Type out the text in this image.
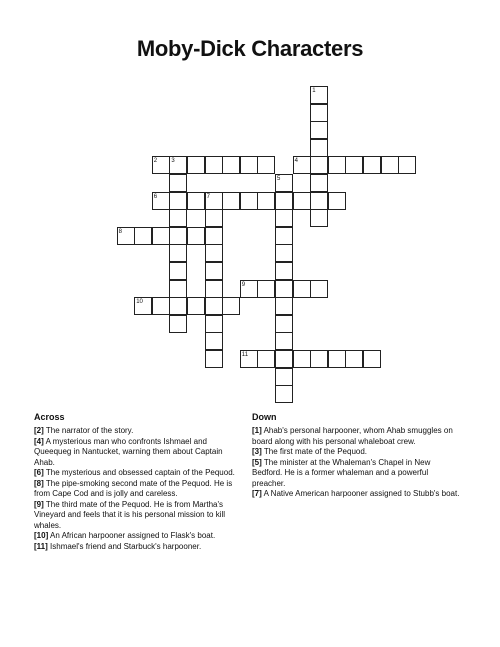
Moby-Dick Characters
1
2 3	4
5
6	7
8
9
10
11
Across

[2] The narrator of the story.

[4] A mysterious man who confronts Ishmael and Queequeg in Nantucket, warning them about Captain Ahab.

[6] The mysterious and obsessed captain of the Pequod.

[8] The pipe-smoking second mate of the Pequod. He is from Cape Cod and is jolly and careless.

[9] The third mate of the Pequod. He is from Martha's Vineyard and feels that it is his personal mission to kill whales.

[10] An African harpooner assigned to Flask's boat.

[11] Ishmael's friend and Starbuck's harpooner.

Down

[1] Ahab's personal harpooner, whom Ahab smuggles on board along with his personal whaleboat crew.

[3] The first mate of the Pequod.

[5] The minister at the Whaleman's Chapel in New Bedford. He is a former whaleman and a powerful preacher.

[7] A Native American harpooner assigned to Stubb's boat.
